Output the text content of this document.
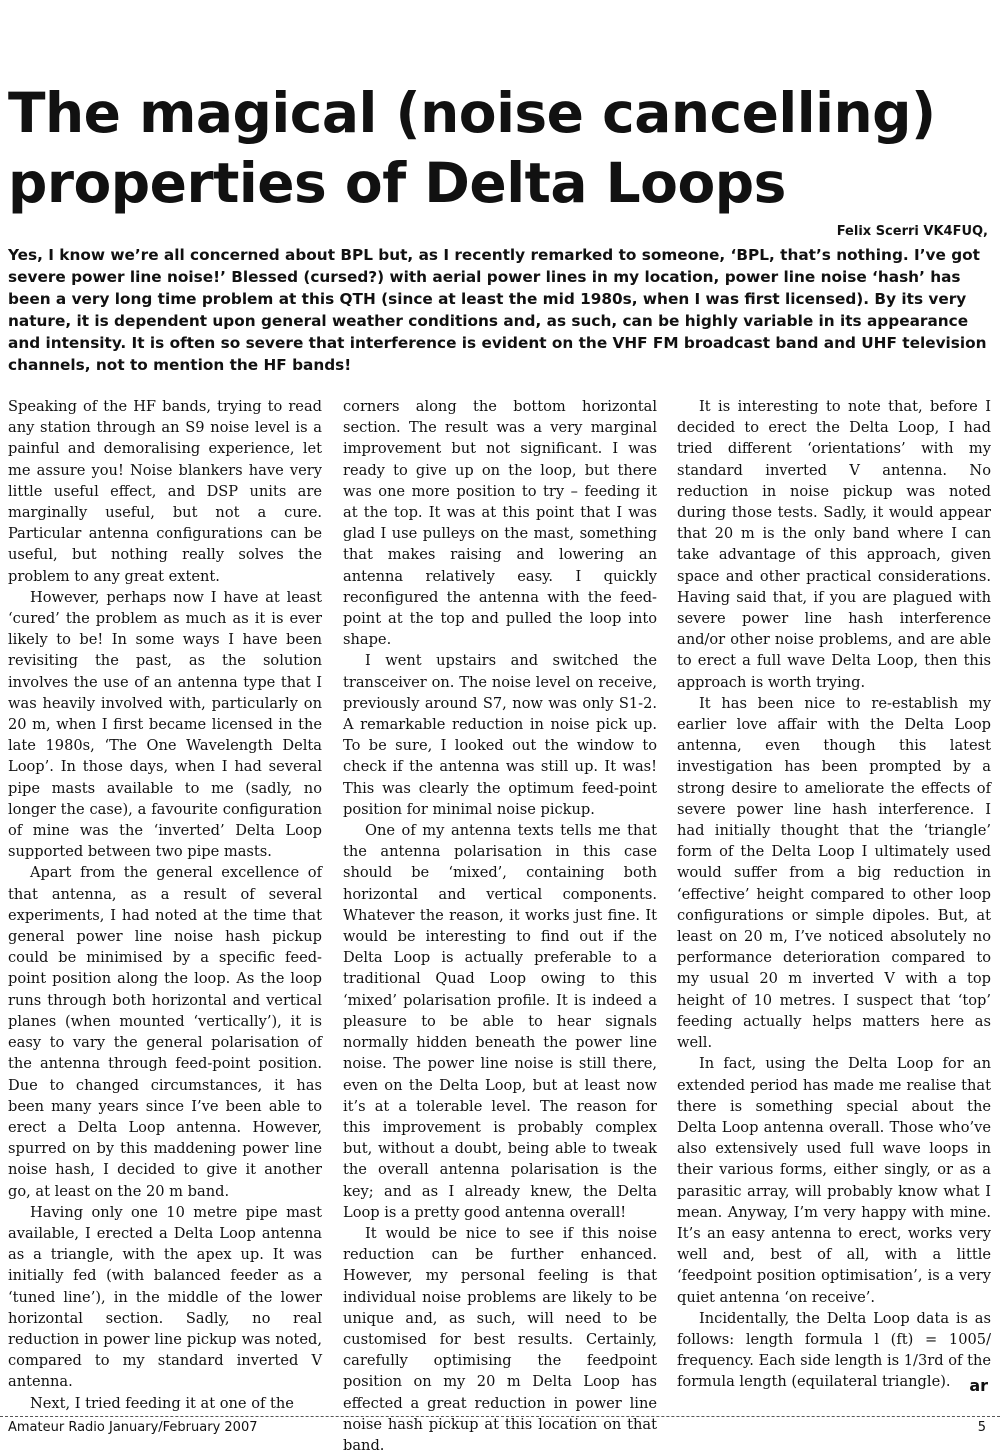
The magical (noise cancelling)
properties of Delta Loops
Felix Scerri VK4FUQ,

Yes, I know we’re all concerned about BPL but, as I recently remarked to someone, ‘BPL, that’s nothing. I’ve got severe power line noise!’ Blessed (cursed?) with aerial power lines in my location, power line noise ‘hash’ has been a very long time problem at this QTH (since at least the mid 1980s, when I was first licensed). By its very nature, it is dependent upon general weather conditions and, as such, can be highly variable in its appearance and intensity. It is often so severe that interference is evident on the VHF FM broadcast band and UHF television channels, not to mention the HF bands!

Speaking of the HF bands, trying to read any station through an S9 noise level is a painful and demoralising experience, let me assure you! Noise blankers have very little useful effect, and DSP units are marginally useful, but not a cure. Particular antenna configurations can be useful, but nothing really solves the problem to any great extent.

However, perhaps now I have at least ‘cured’ the problem as much as it is ever likely to be! In some ways I have been revisiting the past, as the solution involves the use of an antenna type that I was heavily involved with, particularly on 20 m, when I first became licensed in the late 1980s, ‘The One Wavelength Delta Loop’. In those days, when I had several pipe masts available to me (sadly, no longer the case), a favourite configuration of mine was the ‘inverted’ Delta Loop supported between two pipe masts.

Apart from the general excellence of that antenna, as a result of several experiments, I had noted at the time that general power line noise hash pickup could be minimised by a specific feed-point position along the loop. As the loop runs through both horizontal and vertical planes (when mounted ‘vertically’), it is easy to vary the general polarisation of the antenna through feed-point position. Due to changed circumstances, it has been many years since I’ve been able to erect a Delta Loop antenna. However, spurred on by this maddening power line noise hash, I decided to give it another go, at least on the 20 m band.

Having only one 10 metre pipe mast available, I erected a Delta Loop antenna as a triangle, with the apex up. It was initially fed (with balanced feeder as a ‘tuned line’), in the middle of the lower horizontal section. Sadly, no real reduction in power line pickup was noted, compared to my standard inverted V antenna.

Next, I tried feeding it at one of the

corners along the bottom horizontal section. The result was a very marginal improvement but not significant. I was ready to give up on the loop, but there was one more position to try – feeding it at the top. It was at this point that I was glad I use pulleys on the mast, something that makes raising and lowering an antenna relatively easy. I quickly reconfigured the antenna with the feed-point at the top and pulled the loop into shape.

I went upstairs and switched the transceiver on. The noise level on receive, previously around S7, now was only S1-2. A remarkable reduction in noise pick up. To be sure, I looked out the window to check if the antenna was still up. It was! This was clearly the optimum feed-point position for minimal noise pickup.

One of my antenna texts tells me that the antenna polarisation in this case should be ‘mixed’, containing both horizontal and vertical components. Whatever the reason, it works just fine. It would be interesting to find out if the Delta Loop is actually preferable to a traditional Quad Loop owing to this ‘mixed’ polarisation profile. It is indeed a pleasure to be able to hear signals normally hidden beneath the power line noise. The power line noise is still there, even on the Delta Loop, but at least now it’s at a tolerable level. The reason for this improvement is probably complex but, without a doubt, being able to tweak the overall antenna polarisation is the key; and as I already knew, the Delta Loop is a pretty good antenna overall!

It would be nice to see if this noise reduction can be further enhanced. However, my personal feeling is that individual noise problems are likely to be unique and, as such, will need to be customised for best results. Certainly, carefully optimising the feedpoint position on my 20 m Delta Loop has effected a great reduction in power line noise hash pickup at this location on that band.

It is interesting to note that, before I decided to erect the Delta Loop, I had tried different ‘orientations’ with my standard inverted V antenna. No reduction in noise pickup was noted during those tests. Sadly, it would appear that 20 m is the only band where I can take advantage of this approach, given space and other practical considerations. Having said that, if you are plagued with severe power line hash interference and/or other noise problems, and are able to erect a full wave Delta Loop, then this approach is worth trying.

It has been nice to re-establish my earlier love affair with the Delta Loop antenna, even though this latest investigation has been prompted by a strong desire to ameliorate the effects of severe power line hash interference. I had initially thought that the ‘triangle’ form of the Delta Loop I ultimately used would suffer from a big reduction in ‘effective’ height compared to other loop configurations or simple dipoles. But, at least on 20 m, I’ve noticed absolutely no performance deterioration compared to my usual 20 m inverted V with a top height of 10 metres. I suspect that ‘top’ feeding actually helps matters here as well.

In fact, using the Delta Loop for an extended period has made me realise that there is something special about the Delta Loop antenna overall. Those who’ve also extensively used full wave loops in their various forms, either singly, or as a parasitic array, will probably know what I mean. Anyway, I’m very happy with mine. It’s an easy antenna to erect, works very well and, best of all, with a little ‘feedpoint position optimisation’, is a very quiet antenna ‘on receive’.

Incidentally, the Delta Loop data is as follows: length formula l (ft) = 1005/ frequency. Each side length is 1/3rd of the formula length (equilateral triangle).	ar
Amateur Radio January/February 2007	5
